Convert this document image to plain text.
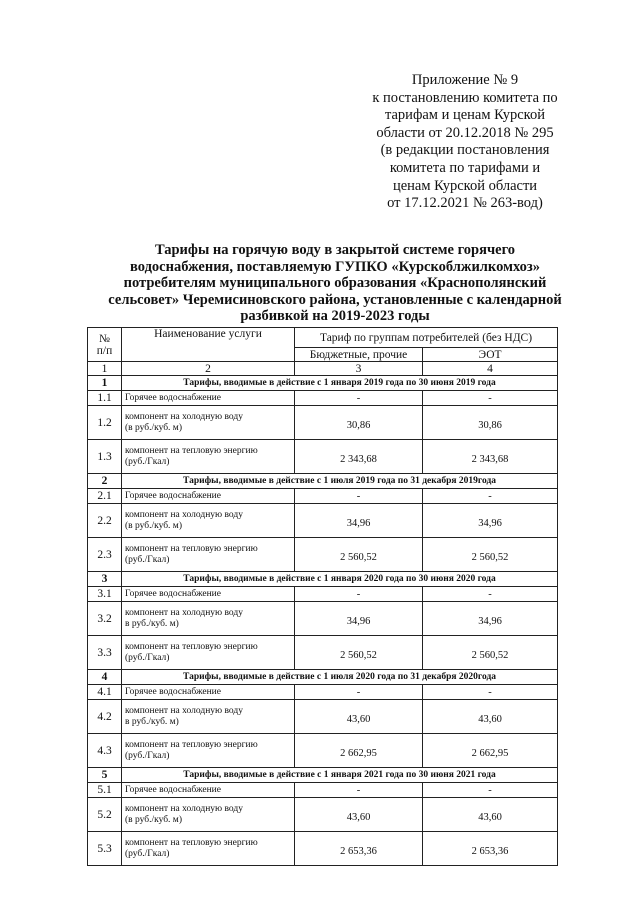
Приложение № 9
к постановлению комитета по
тарифам и ценам Курской
области от 20.12.2018 № 295
(в редакции постановления
комитета по тарифами и
ценам Курской области
от 17.12.2021 № 263-вод)
Тарифы на горячую воду в закрытой системе горячего
водоснабжения, поставляемую ГУПКО «Курскоблжилкомхоз»
потребителям муниципального образования «Краснополянский
сельсовет» Черемисиновского района, установленные с календарной
разбивкой на 2019-2023 годы
№
п/п	Наименование услуги	Тариф по группам потребителей (без НДС)	
		Бюджетные, прочие	ЭОТ
1	2	3	4
1	Тарифы, вводимые в действие с 1 января 2019 года по 30 июня 2019 года		
1.1	Горячее водоснабжение	-	-
1.2	компонент на холодную воду
(в руб./куб. м)	30,86	30,86
1.3	компонент на тепловую энергию
(руб./Гкал)	2 343,68	2 343,68
2	Тарифы, вводимые в действие с 1 июля 2019 года по 31 декабря 2019года		
2.1	Горячее водоснабжение	-	-
2.2	компонент на холодную воду
(в руб./куб. м)	34,96	34,96
2.3	компонент на тепловую энергию
(руб./Гкал)	2 560,52	2 560,52
3	Тарифы, вводимые в действие с 1 января 2020 года по 30 июня 2020 года		
3.1	Горячее водоснабжение	-	-
3.2	компонент на холодную воду
в руб./куб. м)	34,96	34,96
3.3	компонент на тепловую энергию
(руб./Гкал)	2 560,52	2 560,52
4	Тарифы, вводимые в действие с 1 июля 2020 года по 31 декабря 2020года		
4.1	Горячее водоснабжение	-	-
4.2	компонент на холодную воду
в руб./куб. м)	43,60	43,60
4.3	компонент на тепловую энергию
(руб./Гкал)	2 662,95	2 662,95
5	Тарифы, вводимые в действие с 1 января 2021 года по 30 июня 2021 года		
5.1	Горячее водоснабжение	-	-
5.2	компонент на холодную воду
(в руб./куб. м)	43,60	43,60
5.3	компонент на тепловую энергию
(руб./Гкал)	2 653,36	2 653,36
